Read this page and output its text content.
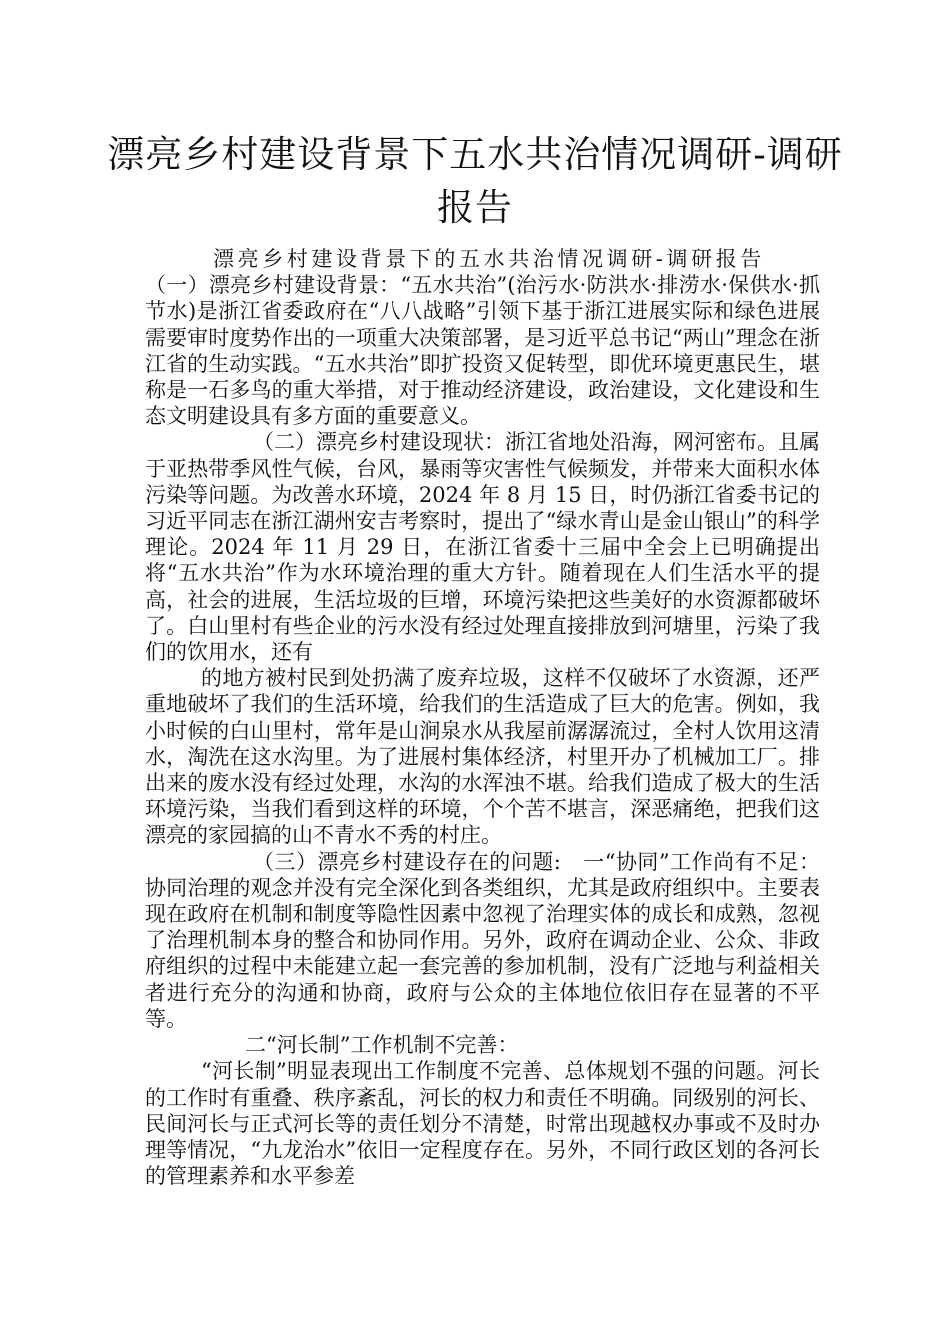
漂亮乡村建设背景下五水共治情况调研-调研报告

漂亮乡村建设背景下的五水共治情况调研-调研报告

（一）漂亮乡村建设背景：“五水共治”(治污水·防洪水·排涝水·保供水·抓节水)是浙江省委政府在“八八战略”引领下基于浙江进展实际和绿色进展需要审时度势作出的一项重大决策部署，是习近平总书记“两山”理念在浙江省的生动实践。“五水共治”即扩投资又促转型，即优环境更惠民生，堪称是一石多鸟的重大举措，对于推动经济建设，政治建设，文化建设和生态文明建设具有多方面的重要意义。

（二）漂亮乡村建设现状：浙江省地处沿海，网河密布。且属于亚热带季风性气候，台风，暴雨等灾害性气候频发，并带来大面积水体污染等问题。为改善水环境，2024 年 8 月 15 日，时仍浙江省委书记的习近平同志在浙江湖州安吉考察时，提出了“绿水青山是金山银山”的科学理论。2024 年 11 月 29 日，在浙江省委十三届中全会上已明确提出将“五水共治”作为水环境治理的重大方针。随着现在人们生活水平的提高，社会的进展，生活垃圾的巨增，环境污染把这些美好的水资源都破坏了。白山里村有些企业的污水没有经过处理直接排放到河塘里，污染了我们的饮用水，还有

的地方被村民到处扔满了废弃垃圾，这样不仅破坏了水资源，还严重地破坏了我们的生活环境，给我们的生活造成了巨大的危害。例如，我小时候的白山里村，常年是山涧泉水从我屋前潺潺流过，全村人饮用这清水，淘洗在这水沟里。为了进展村集体经济，村里开办了机械加工厂。排出来的废水没有经过处理，水沟的水浑浊不堪。给我们造成了极大的生活环境污染，当我们看到这样的环境，个个苦不堪言，深恶痛绝，把我们这漂亮的家园搞的山不青水不秀的村庄。

（三）漂亮乡村建设存在的问题: 一“协同”工作尚有不足：协同治理的观念并没有完全深化到各类组织，尤其是政府组织中。主要表现在政府在机制和制度等隐性因素中忽视了治理实体的成长和成熟，忽视了治理机制本身的整合和协同作用。另外，政府在调动企业、公众、非政府组织的过程中未能建立起一套完善的参加机制，没有广泛地与利益相关者进行充分的沟通和协商，政府与公众的主体地位依旧存在显著的不平等。

二“河长制”工作机制不完善：

“河长制”明显表现出工作制度不完善、总体规划不强的问题。河长的工作时有重叠、秩序紊乱，河长的权力和责任不明确。同级别的河长、民间河长与正式河长等的责任划分不清楚，时常出现越权办事或不及时办理等情况，“九龙治水”依旧一定程度存在。另外，不同行政区划的各河长的管理素养和水平参差
